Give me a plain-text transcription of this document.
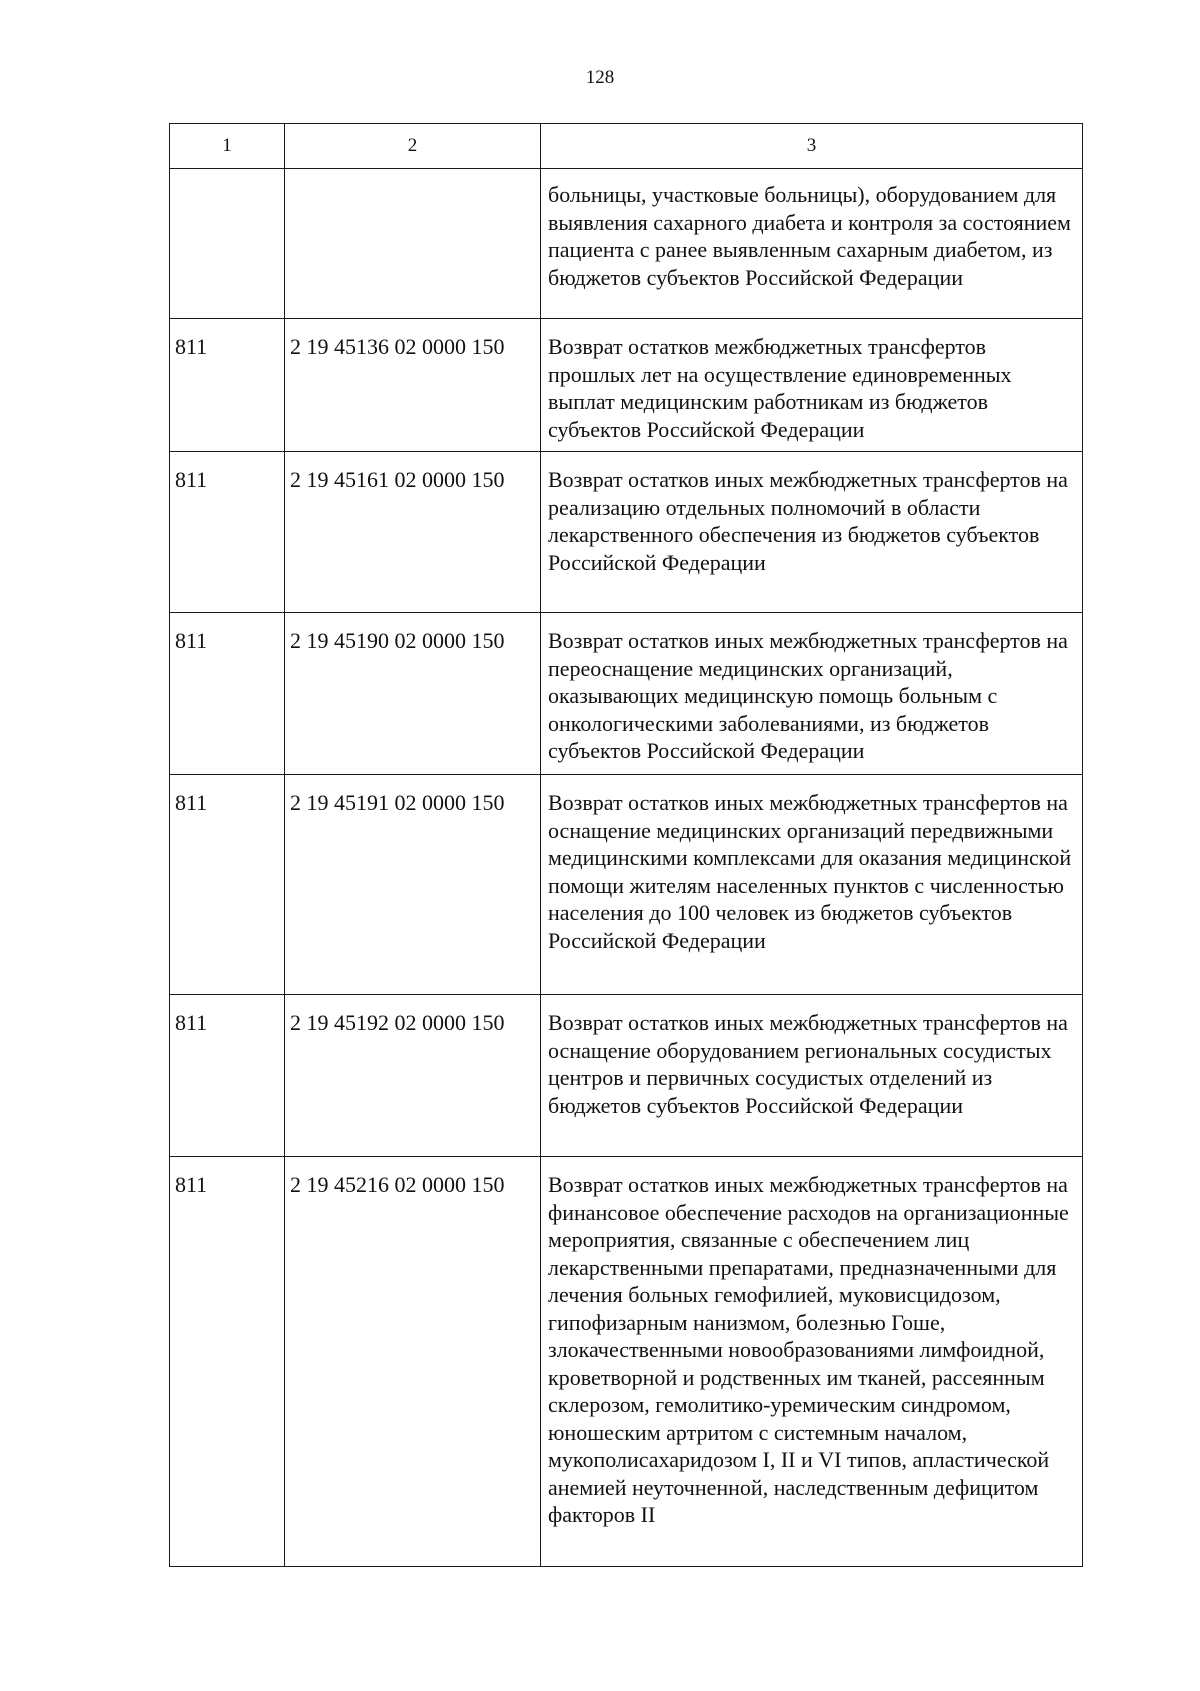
128
1	2	3
		больницы, участковые больницы), оборудованием для выявления сахарного диабета и контроля за состоянием пациента с ранее выявленным сахарным диабетом, из бюджетов субъектов Российской Федерации
811	2 19 45136 02 0000 150	Возврат остатков межбюджетных трансфертов прошлых лет на осуществление единовременных выплат медицинским работникам из бюджетов субъектов Российской Федерации
811	2 19 45161 02 0000 150	Возврат остатков иных межбюджетных трансфертов на реализацию отдельных полномочий в области лекарственного обеспечения из бюджетов субъектов Российской Федерации
811	2 19 45190 02 0000 150	Возврат остатков иных межбюджетных трансфертов на переоснащение медицинских организаций, оказывающих медицинскую помощь больным с онкологическими заболеваниями, из бюджетов субъектов Российской Федерации
811	2 19 45191 02 0000 150	Возврат остатков иных межбюджетных трансфертов на оснащение медицинских организаций передвижными медицинскими комплексами для оказания медицинской помощи жителям населенных пунктов с численностью населения до 100 человек из бюджетов субъектов Российской Федерации
811	2 19 45192 02 0000 150	Возврат остатков иных межбюджетных трансфертов на оснащение оборудованием региональных сосудистых центров и первичных сосудистых отделений из бюджетов субъектов Российской Федерации
811	2 19 45216 02 0000 150	Возврат остатков иных межбюджетных трансфертов на финансовое обеспечение расходов на организационные мероприятия, связанные с обеспечением лиц лекарственными препаратами, предназначенными для лечения больных гемофилией, муковисцидозом, гипофизарным нанизмом, болезнью Гоше, злокачественными новообразованиями лимфоидной, кроветворной и родственных им тканей, рассеянным склерозом, гемолитико-уремическим синдромом, юношеским артритом с системным началом, мукополисахаридозом I, II и VI типов, апластической анемией неуточненной, наследственным дефицитом факторов II
